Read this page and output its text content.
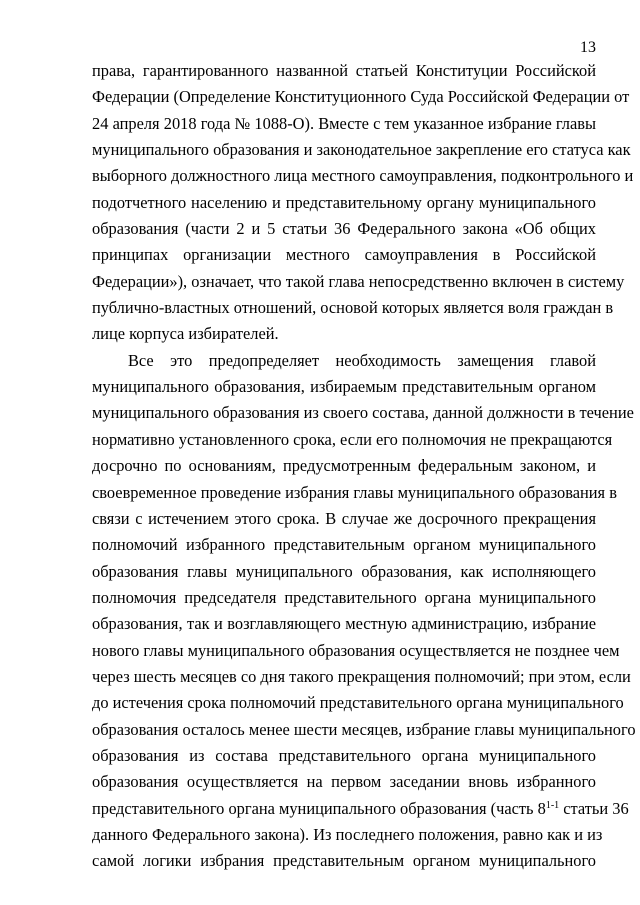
13
права, гарантированного названной статьей Конституции Российской
Федерации (Определение Конституционного Суда Российской Федерации от
24 апреля 2018 года № 1088-О). Вместе с тем указанное избрание главы
муниципального образования и законодательное закрепление его статуса как
выборного должностного лица местного самоуправления, подконтрольного и
подотчетного населению и представительному органу муниципального
образования (части 2 и 5 статьи 36 Федерального закона «Об общих
принципах организации местного самоуправления в Российской
Федерации»), означает, что такой глава непосредственно включен в систему
публично-властных отношений, основой которых является воля граждан в
лице корпуса избирателей.
Все это предопределяет необходимость замещения главой
муниципального образования, избираемым представительным органом
муниципального образования из своего состава, данной должности в течение
нормативно установленного срока, если его полномочия не прекращаются
досрочно по основаниям, предусмотренным федеральным законом, и
своевременное проведение избрания главы муниципального образования в
связи с истечением этого срока. В случае же досрочного прекращения
полномочий избранного представительным органом муниципального
образования главы муниципального образования, как исполняющего
полномочия председателя представительного органа муниципального
образования, так и возглавляющего местную администрацию, избрание
нового главы муниципального образования осуществляется не позднее чем
через шесть месяцев со дня такого прекращения полномочий; при этом, если
до истечения срока полномочий представительного органа муниципального
образования осталось менее шести месяцев, избрание главы муниципального
образования из состава представительного органа муниципального
образования осуществляется на первом заседании вновь избранного
представительного органа муниципального образования (часть 8$^{1-1}$ статьи 36
данного Федерального закона). Из последнего положения, равно как и из
самой логики избрания представительным органом муниципального
